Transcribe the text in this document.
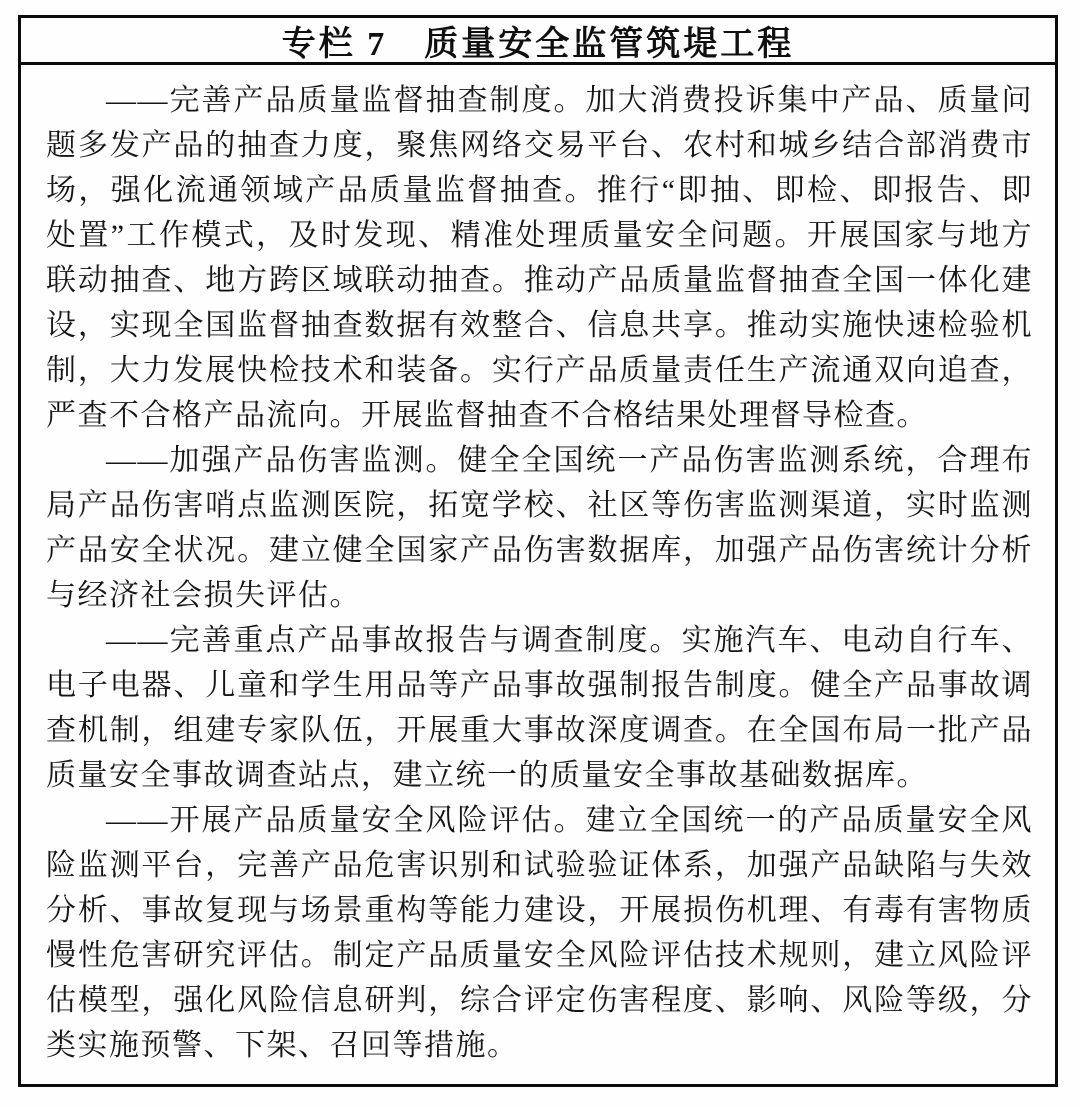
专栏 7　质量安全监管筑堤工程

——完善产品质量监督抽查制度。加大消费投诉集中产品、质量问题多发产品的抽查力度，聚焦网络交易平台、农村和城乡结合部消费市场，强化流通领域产品质量监督抽查。推行“即抽、即检、即报告、即处置”工作模式，及时发现、精准处理质量安全问题。开展国家与地方联动抽查、地方跨区域联动抽查。推动产品质量监督抽查全国一体化建设，实现全国监督抽查数据有效整合、信息共享。推动实施快速检验机制，大力发展快检技术和装备。实行产品质量责任生产流通双向追查，严查不合格产品流向。开展监督抽查不合格结果处理督导检查。

——加强产品伤害监测。健全全国统一产品伤害监测系统，合理布局产品伤害哨点监测医院，拓宽学校、社区等伤害监测渠道，实时监测产品安全状况。建立健全国家产品伤害数据库，加强产品伤害统计分析与经济社会损失评估。

——完善重点产品事故报告与调查制度。实施汽车、电动自行车、电子电器、儿童和学生用品等产品事故强制报告制度。健全产品事故调查机制，组建专家队伍，开展重大事故深度调查。在全国布局一批产品质量安全事故调查站点，建立统一的质量安全事故基础数据库。

——开展产品质量安全风险评估。建立全国统一的产品质量安全风险监测平台，完善产品危害识别和试验验证体系，加强产品缺陷与失效分析、事故复现与场景重构等能力建设，开展损伤机理、有毒有害物质慢性危害研究评估。制定产品质量安全风险评估技术规则，建立风险评估模型，强化风险信息研判，综合评定伤害程度、影响、风险等级，分类实施预警、下架、召回等措施。
